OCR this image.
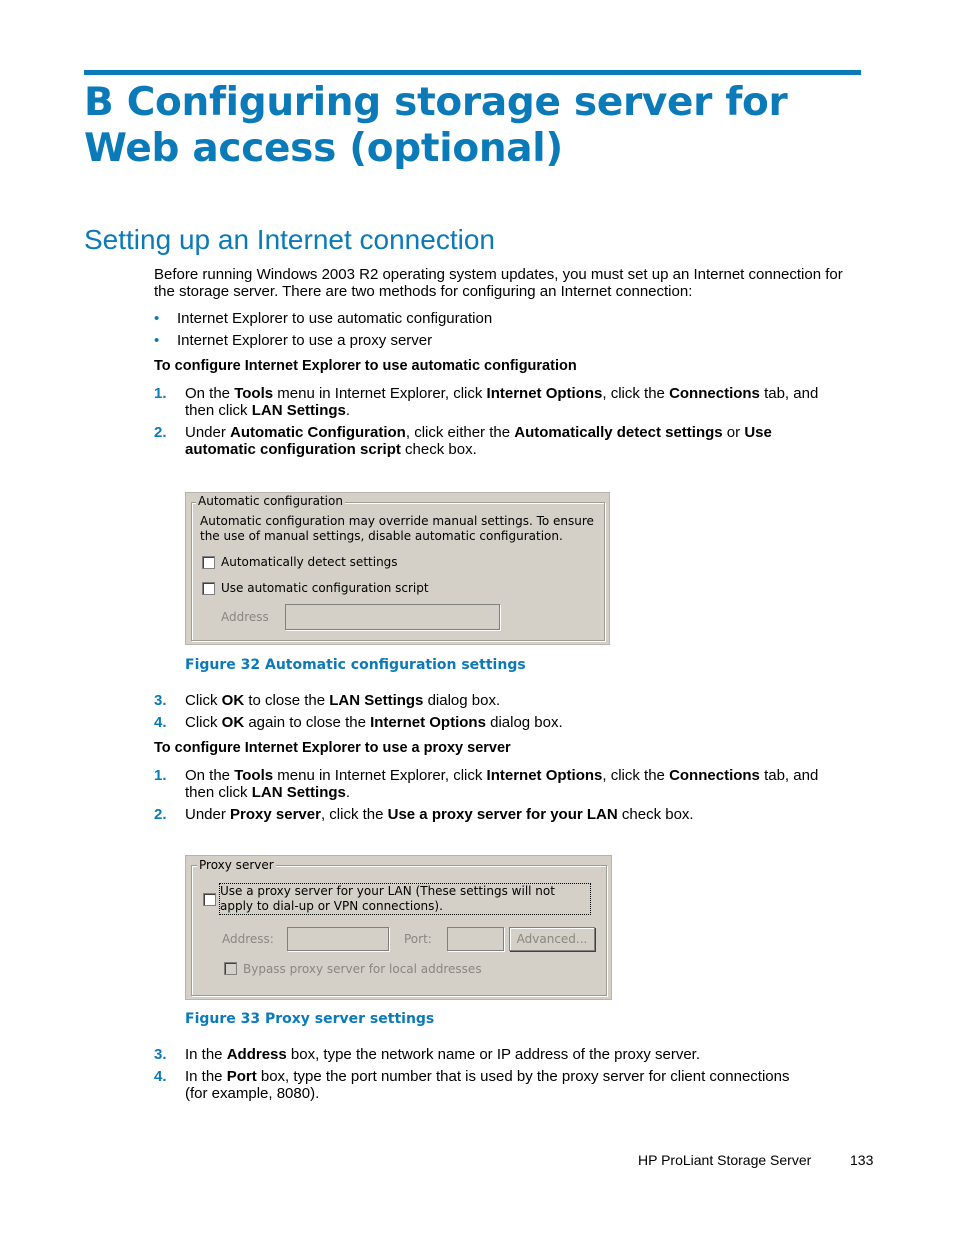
B Configuring storage server for Web access (optional)
Setting up an Internet connection
Before running Windows 2003 R2 operating system updates, you must set up an Internet connection for the storage server. There are two methods for configuring an Internet connection:
• Internet Explorer to use automatic configuration
• Internet Explorer to use a proxy server
To configure Internet Explorer to use automatic configuration
1. On the Tools menu in Internet Explorer, click Internet Options, click the Connections tab, and then click LAN Settings.
2. Under Automatic Configuration, click either the Automatically detect settings or Use automatic configuration script check box.
Automatic configuration
Automatic configuration may override manual settings. To ensure the use of manual settings, disable automatic configuration.
Automatically detect settings
Use automatic configuration script
Address
Figure 32 Automatic configuration settings
3. Click OK to close the LAN Settings dialog box.
4. Click OK again to close the Internet Options dialog box.
To configure Internet Explorer to use a proxy server
1. On the Tools menu in Internet Explorer, click Internet Options, click the Connections tab, and then click LAN Settings.
2. Under Proxy server, click the Use a proxy server for your LAN check box.
Proxy server
Use a proxy server for your LAN (These settings will not apply to dial-up or VPN connections).
Address:	Port:	Advanced...
Bypass proxy server for local addresses
Figure 33 Proxy server settings
3. In the Address box, type the network name or IP address of the proxy server.
4. In the Port box, type the port number that is used by the proxy server for client connections (for example, 8080).
HP ProLiant Storage Server	133
